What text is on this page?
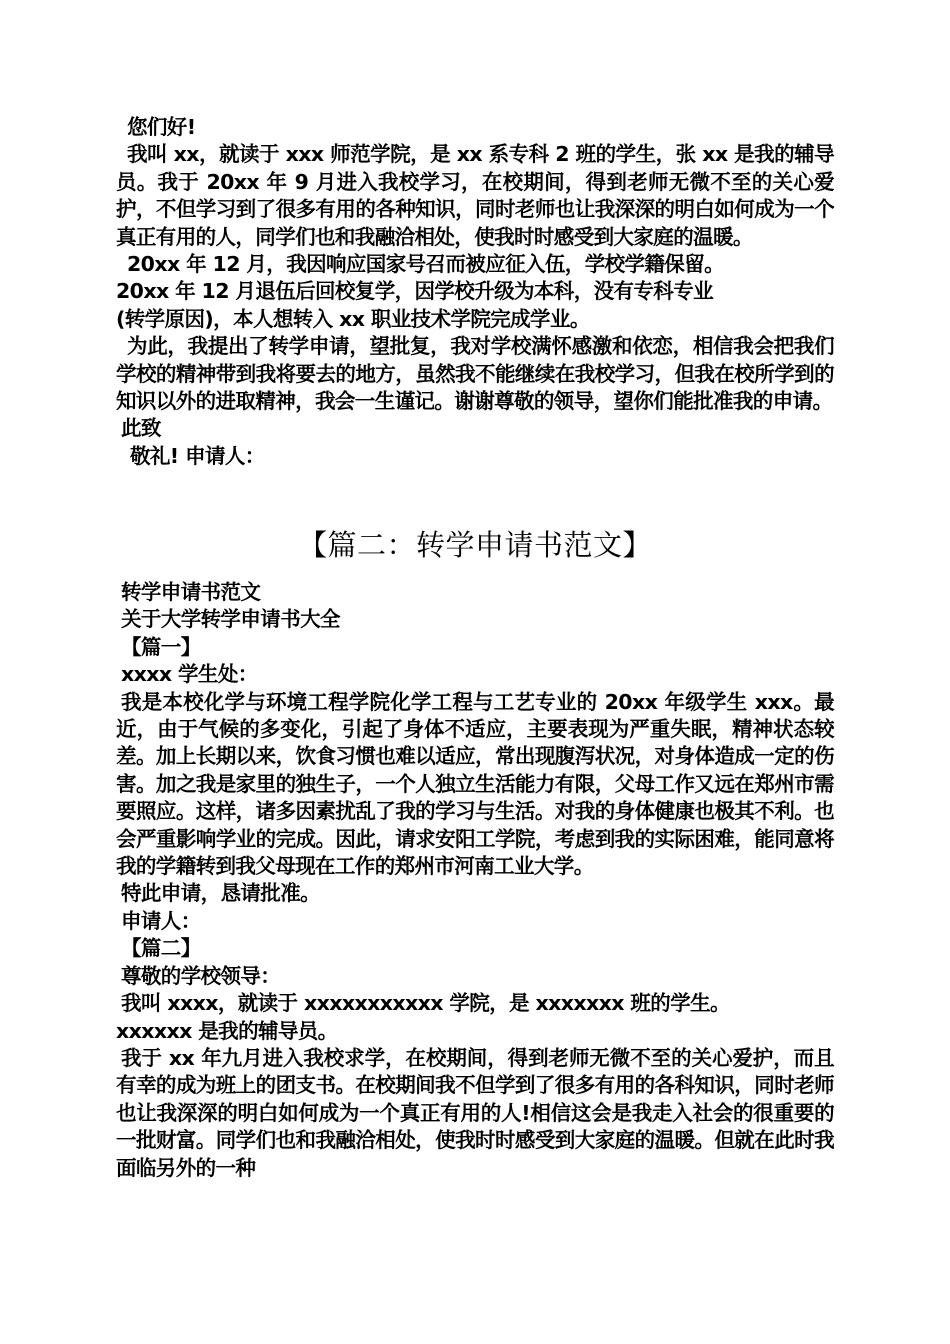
您们好!

我叫 xx，就读于 xxx 师范学院，是 xx 系专科 2 班的学生，张 xx 是我的辅导员。我于 20xx 年 9 月进入我校学习，在校期间，得到老师无微不至的关心爱护，不但学习到了很多有用的各种知识，同时老师也让我深深的明白如何成为一个真正有用的人，同学们也和我融洽相处，使我时时感受到大家庭的温暖。

20xx 年 12 月，我因响应国家号召而被应征入伍，学校学籍保留。

20xx 年 12 月退伍后回校复学，因学校升级为本科，没有专科专业

(转学原因)，本人想转入 xx 职业技术学院完成学业。

为此，我提出了转学申请，望批复，我对学校满怀感激和依恋，相信我会把我们学校的精神带到我将要去的地方，虽然我不能继续在我校学习，但我在校所学到的知识以外的进取精神，我会一生谨记。谢谢尊敬的领导，望你们能批准我的申请。

此致

敬礼! 申请人：

【篇二：转学申请书范文】

转学申请书范文

关于大学转学申请书大全

【篇一】

xxxx 学生处：

我是本校化学与环境工程学院化学工程与工艺专业的 20xx 年级学生 xxx。最近，由于气候的多变化，引起了身体不适应，主要表现为严重失眠，精神状态较差。加上长期以来，饮食习惯也难以适应，常出现腹泻状况，对身体造成一定的伤害。加之我是家里的独生子，一个人独立生活能力有限，父母工作又远在郑州市需要照应。这样，诸多因素扰乱了我的学习与生活。对我的身体健康也极其不利。也会严重影响学业的完成。因此，请求安阳工学院，考虑到我的实际困难，能同意将我的学籍转到我父母现在工作的郑州市河南工业大学。

特此申请，恳请批准。

申请人：

【篇二】

尊敬的学校领导：

我叫 xxxx，就读于 xxxxxxxxxxx 学院，是 xxxxxxx 班的学生。

xxxxxx 是我的辅导员。

我于 xx 年九月进入我校求学，在校期间，得到老师无微不至的关心爱护，而且有幸的成为班上的团支书。在校期间我不但学到了很多有用的各科知识，同时老师也让我深深的明白如何成为一个真正有用的人!相信这会是我走入社会的很重要的一批财富。同学们也和我融洽相处，使我时时感受到大家庭的温暖。但就在此时我面临另外的一种
